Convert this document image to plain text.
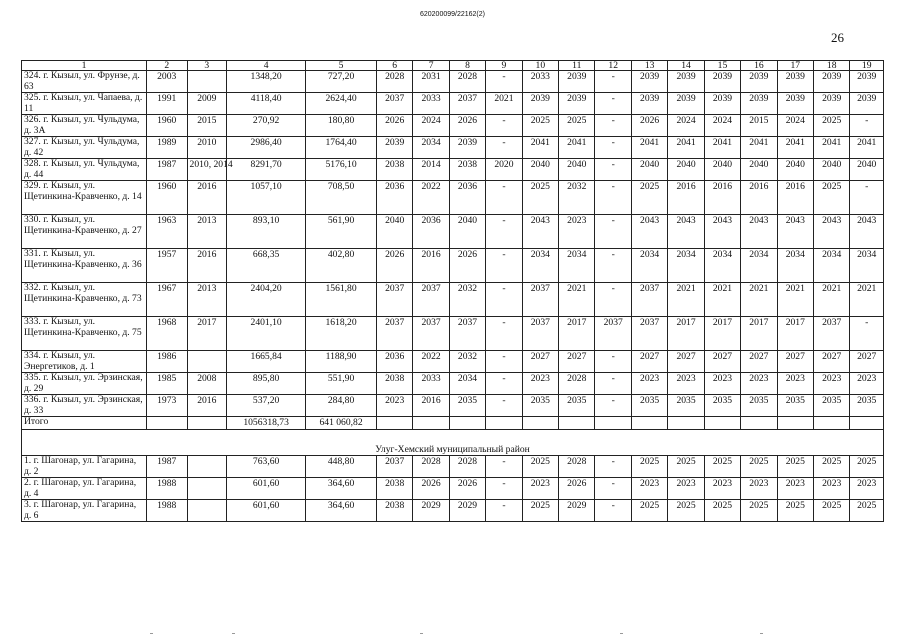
620200099/22162(2)
26
1	2	3	4	5	6	7	8	9	10	11	12	13	14	15	16	17	18	19
324. г. Кызыл, ул. Фрунзе, д. 63	2003		1348,20	727,20	2028	2031	2028	-	2033	2039	-	2039	2039	2039	2039	2039	2039	2039
325. г. Кызыл, ул. Чапаева, д. 11	1991	2009	4118,40	2624,40	2037	2033	2037	2021	2039	2039	-	2039	2039	2039	2039	2039	2039	2039
326. г. Кызыл, ул. Чульдума, д. 3А	1960	2015	270,92	180,80	2026	2024	2026	-	2025	2025	-	2026	2024	2024	2015	2024	2025	-
327. г. Кызыл, ул. Чульдума, д. 42	1989	2010	2986,40	1764,40	2039	2034	2039	-	2041	2041	-	2041	2041	2041	2041	2041	2041	2041
328. г. Кызыл, ул. Чульдума, д. 44	1987	2010, 2014	8291,70	5176,10	2038	2014	2038	2020	2040	2040	-	2040	2040	2040	2040	2040	2040	2040
329. г. Кызыл, ул. Щетинкина-Кравченко, д. 14	1960	2016	1057,10	708,50	2036	2022	2036	-	2025	2032	-	2025	2016	2016	2016	2016	2025	-
330. г. Кызыл, ул. Щетинкина-Кравченко, д. 27	1963	2013	893,10	561,90	2040	2036	2040	-	2043	2023	-	2043	2043	2043	2043	2043	2043	2043
331. г. Кызыл, ул. Щетинкина-Кравченко, д. 36	1957	2016	668,35	402,80	2026	2016	2026	-	2034	2034	-	2034	2034	2034	2034	2034	2034	2034
332. г. Кызыл, ул. Щетинкина-Кравченко, д. 73	1967	2013	2404,20	1561,80	2037	2037	2032	-	2037	2021	-	2037	2021	2021	2021	2021	2021	2021
333. г. Кызыл, ул. Щетинкина-Кравченко, д. 75	1968	2017	2401,10	1618,20	2037	2037	2037	-	2037	2017	2037	2037	2017	2017	2017	2017	2037	-
334. г. Кызыл, ул. Энергетиков, д. 1	1986		1665,84	1188,90	2036	2022	2032	-	2027	2027	-	2027	2027	2027	2027	2027	2027	2027
335. г. Кызыл, ул. Эрзинская, д. 29	1985	2008	895,80	551,90	2038	2033	2034	-	2023	2028	-	2023	2023	2023	2023	2023	2023	2023
336. г. Кызыл, ул. Эрзинская, д. 33	1973	2016	537,20	284,80	2023	2016	2035	-	2035	2035	-	2035	2035	2035	2035	2035	2035	2035
Итого			1056318,73	641 060,82														
Улуг-Хемский муниципальный район																		
1. г. Шагонар, ул. Гагарина, д. 2	1987		763,60	448,80	2037	2028	2028	-	2025	2028	-	2025	2025	2025	2025	2025	2025	2025
2. г. Шагонар, ул. Гагарина, д. 4	1988		601,60	364,60	2038	2026	2026	-	2023	2026	-	2023	2023	2023	2023	2023	2023	2023
3. г. Шагонар, ул. Гагарина, д. 6	1988		601,60	364,60	2038	2029	2029	-	2025	2029	-	2025	2025	2025	2025	2025	2025	2025
